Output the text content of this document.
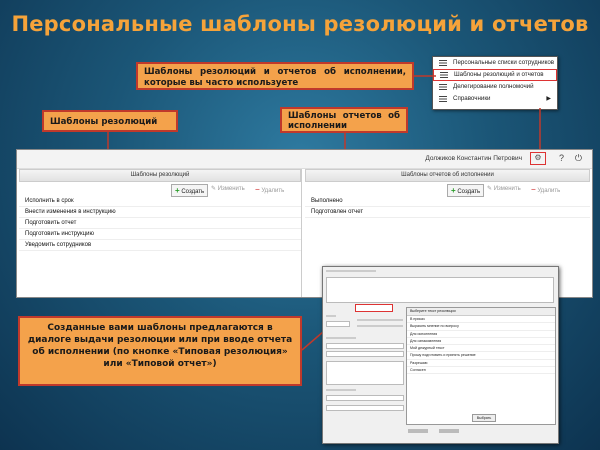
Персональные шаблоны резолюций и отчетов
Шаблоны резолюций и отчетов об исполнении, которые вы часто используете
Персональные списки сотрудников
Шаблоны резолюций и отчетов
Делегирование полномочий
Справочники	▶
Шаблоны резолюций
Шаблоны отчетов об исполнении
Должиков Константин Петрович	⚙	? ⏻
Шаблоны резолюций
+ Создать	✎ Изменить − Удалить
Исполнить в срок
Внести изменения в инструкцию
Подготовить отчет
Подготовить инструкцию
Уведомить сотрудников
Шаблоны отчетов об исполнении
+ Создать	✎ Изменить − Удалить
Выполнено
Подготовлен отчет
Созданные вами шаблоны предлагаются в диалоге выдачи резолюции или при вводе отчета об исполнении (по кнопке «Типовая резолюция» или «Типовой отчет»)
Выберите текст резолюции
В приказ
Выразить мнение по вопросу
Для исполнения
Для ознакомления
Мой дежурный текст
Прошу подготовить и принять решение
Разрешаю
Согласен
Выбрать
